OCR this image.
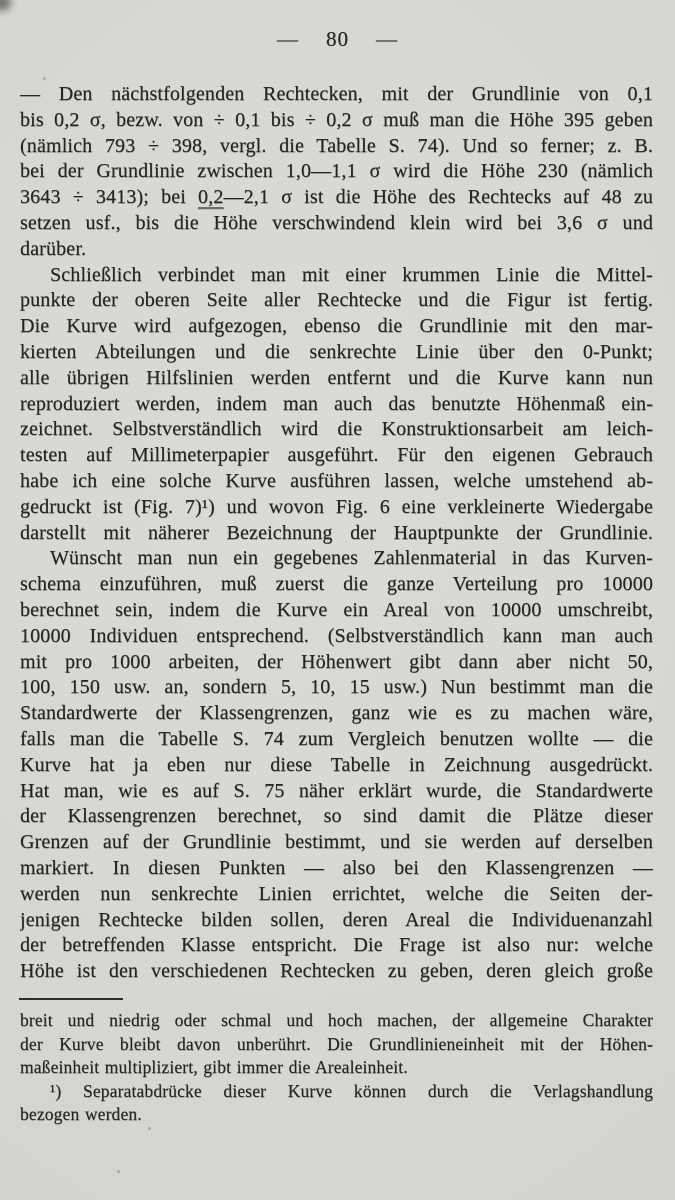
— 80 —
— Den nächstfolgenden Rechtecken, mit der Grundlinie von 0,1
bis 0,2 σ, bezw. von ÷ 0,1 bis ÷ 0,2 σ muß man die Höhe 395 geben
(nämlich 793 ÷ 398, vergl. die Tabelle S. 74). Und so ferner; z. B.
bei der Grundlinie zwischen 1,0—1,1 σ wird die Höhe 230 (nämlich
3643 ÷ 3413); bei 0,2—2,1 σ ist die Höhe des Rechtecks auf 48 zu
setzen usf., bis die Höhe verschwindend klein wird bei 3,6 σ und
darüber.
Schließlich verbindet man mit einer krummen Linie die Mittel-
punkte der oberen Seite aller Rechtecke und die Figur ist fertig.
Die Kurve wird aufgezogen, ebenso die Grundlinie mit den mar-
kierten Abteilungen und die senkrechte Linie über den 0-Punkt;
alle übrigen Hilfslinien werden entfernt und die Kurve kann nun
reproduziert werden, indem man auch das benutzte Höhenmaß ein-
zeichnet. Selbstverständlich wird die Konstruktionsarbeit am leich-
testen auf Millimeterpapier ausgeführt. Für den eigenen Gebrauch
habe ich eine solche Kurve ausführen lassen, welche umstehend ab-
gedruckt ist (Fig. 7)¹) und wovon Fig. 6 eine verkleinerte Wiedergabe
darstellt mit näherer Bezeichnung der Hauptpunkte der Grundlinie.
Wünscht man nun ein gegebenes Zahlenmaterial in das Kurven-
schema einzuführen, muß zuerst die ganze Verteilung pro 10000
berechnet sein, indem die Kurve ein Areal von 10000 umschreibt,
10000 Individuen entsprechend. (Selbstverständlich kann man auch
mit pro 1000 arbeiten, der Höhenwert gibt dann aber nicht 50,
100, 150 usw. an, sondern 5, 10, 15 usw.) Nun bestimmt man die
Standardwerte der Klassengrenzen, ganz wie es zu machen wäre,
falls man die Tabelle S. 74 zum Vergleich benutzen wollte — die
Kurve hat ja eben nur diese Tabelle in Zeichnung ausgedrückt.
Hat man, wie es auf S. 75 näher erklärt wurde, die Standardwerte
der Klassengrenzen berechnet, so sind damit die Plätze dieser
Grenzen auf der Grundlinie bestimmt, und sie werden auf derselben
markiert. In diesen Punkten — also bei den Klassengrenzen —
werden nun senkrechte Linien errichtet, welche die Seiten der-
jenigen Rechtecke bilden sollen, deren Areal die Individuenanzahl
der betreffenden Klasse entspricht. Die Frage ist also nur: welche
Höhe ist den verschiedenen Rechtecken zu geben, deren gleich große
breit und niedrig oder schmal und hoch machen, der allgemeine Charakter
der Kurve bleibt davon unberührt. Die Grundlinieneinheit mit der Höhen-
maßeinheit multipliziert, gibt immer die Arealeinheit.
¹) Separatabdrücke dieser Kurve können durch die Verlagshandlung
bezogen werden.
